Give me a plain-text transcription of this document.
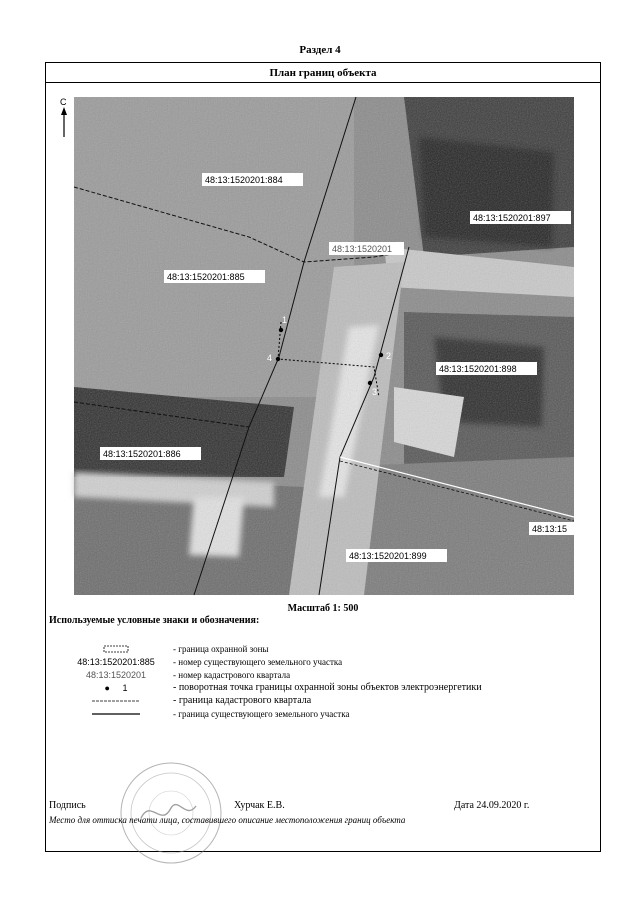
Раздел 4
План границ объекта
1
2
3
4
С
48:13:1520201:884
48:13:1520201:885
48:13:1520201:886
48:13:1520201:897
48:13:1520201:898
48:13:1520201:899
48:13:15
48:13:1520201
Масштаб 1: 500
Используемые условные знаки и обозначения:
- граница охранной зоны
48:13:1520201:885	- номер существующего земельного участка
48:13:1520201	- номер кадастрового квартала
● 1	- поворотная точка границы охранной зоны объектов электроэнергетики
- граница кадастрового квартала
- граница существующего земельного участка
Подпись	Хурчак Е.В.	Дата 24.09.2020 г.
Место для оттиска печати лица, составившего описание местоположения границ объекта
